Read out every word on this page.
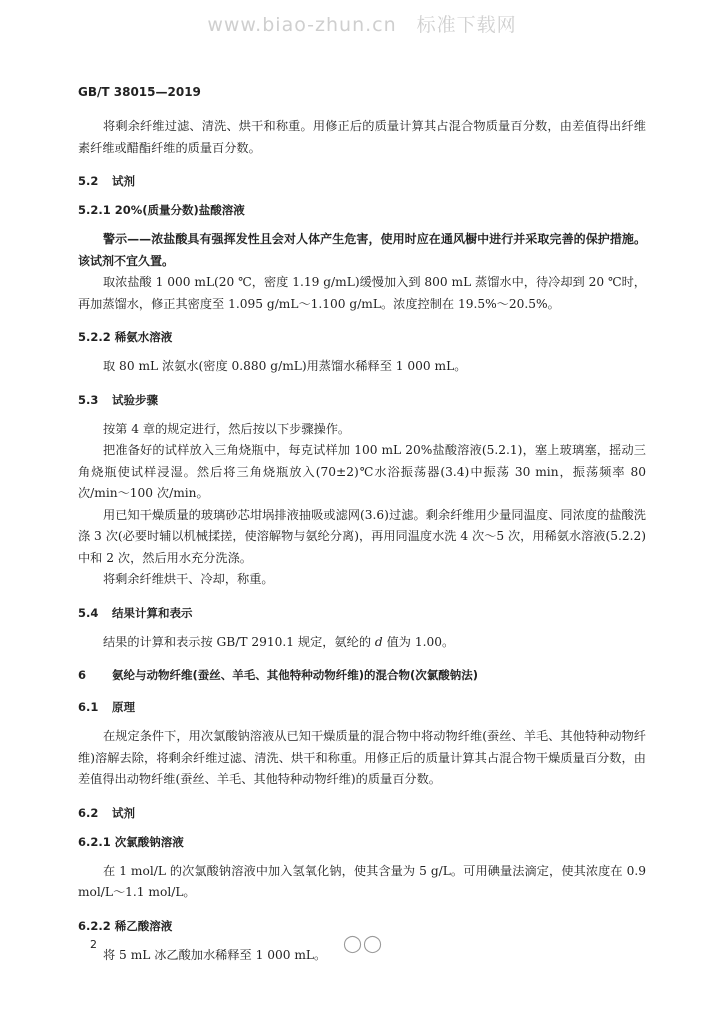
www.biao-zhun.cn　标准下载网
GB/T 38015—2019

将剩余纤维过滤、清洗、烘干和称重。用修正后的质量计算其占混合物质量百分数，由差值得出纤维素纤维或醋酯纤维的质量百分数。

5.2 试剂
5.2.1 20%(质量分数)盐酸溶液

警示——浓盐酸具有强挥发性且会对人体产生危害，使用时应在通风橱中进行并采取完善的保护措施。该试剂不宜久置。

取浓盐酸 1 000 mL(20 ℃，密度 1.19 g/mL)缓慢加入到 800 mL 蒸馏水中，待冷却到 20 ℃时，再加蒸馏水，修正其密度至 1.095 g/mL～1.100 g/mL。浓度控制在 19.5%～20.5%。

5.2.2 稀氨水溶液

取 80 mL 浓氨水(密度 0.880 g/mL)用蒸馏水稀释至 1 000 mL。

5.3 试验步骤

按第 4 章的规定进行，然后按以下步骤操作。

把准备好的试样放入三角烧瓶中，每克试样加 100 mL 20%盐酸溶液(5.2.1)，塞上玻璃塞，摇动三角烧瓶使试样浸湿。然后将三角烧瓶放入(70±2)℃水浴振荡器(3.4)中振荡 30 min，振荡频率 80 次/min～100 次/min。

用已知干燥质量的玻璃砂芯坩埚排液抽吸或滤网(3.6)过滤。剩余纤维用少量同温度、同浓度的盐酸洗涤 3 次(必要时辅以机械揉搓，使溶解物与氨纶分离)，再用同温度水洗 4 次～5 次，用稀氨水溶液(5.2.2)中和 2 次，然后用水充分洗涤。

将剩余纤维烘干、冷却，称重。

5.4 结果计算和表示

结果的计算和表示按 GB/T 2910.1 规定，氨纶的 d 值为 1.00。

6 氨纶与动物纤维(蚕丝、羊毛、其他特种动物纤维)的混合物(次氯酸钠法)
6.1 原理

在规定条件下，用次氯酸钠溶液从已知干燥质量的混合物中将动物纤维(蚕丝、羊毛、其他特种动物纤维)溶解去除，将剩余纤维过滤、清洗、烘干和称重。用修正后的质量计算其占混合物干燥质量百分数，由差值得出动物纤维(蚕丝、羊毛、其他特种动物纤维)的质量百分数。

6.2 试剂
6.2.1 次氯酸钠溶液

在 1 mol/L 的次氯酸钠溶液中加入氢氧化钠，使其含量为 5 g/L。可用碘量法滴定，使其浓度在 0.9 mol/L～1.1 mol/L。

6.2.2 稀乙酸溶液

将 5 mL 冰乙酸加水稀释至 1 000 mL。

2	◯◯
